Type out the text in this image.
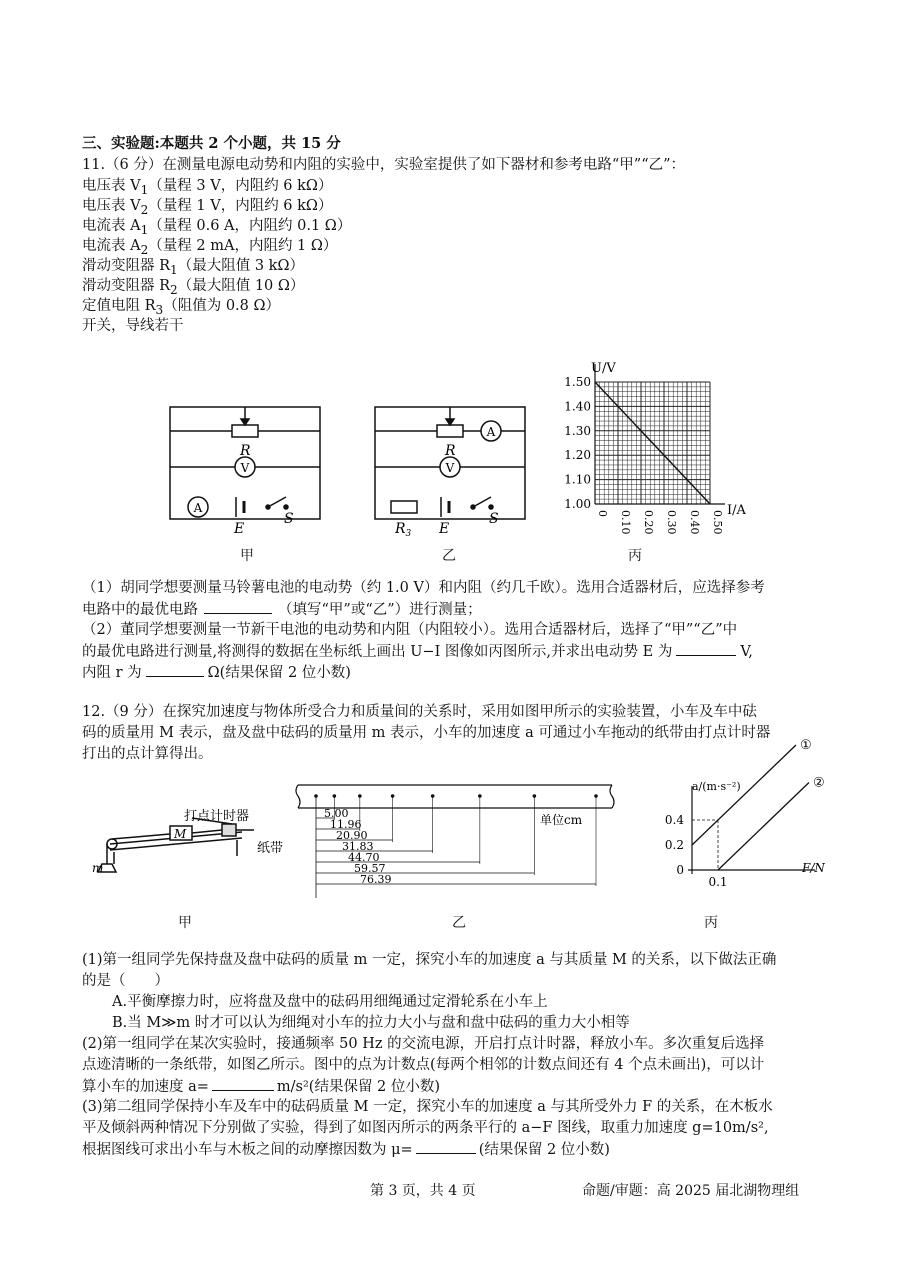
三、实验题:本题共 2 个小题，共 15 分
11.（6 分）在测量电源电动势和内阻的实验中，实验室提供了如下器材和参考电路“甲”“乙”：
电压表 $V_1$（量程 3 V，内阻约 6 kΩ）
电压表 $V_2$（量程 1 V，内阻约 6 kΩ）
电流表 $A_1$（量程 0.6 A，内阻约 0.1 Ω）
电流表 $A_2$（量程 2 mA，内阻约 1 Ω）
滑动变阻器 $R_1$（最大阻值 3 kΩ）
滑动变阻器 $R_2$（最大阻值 10 Ω）
定值电阻 $R_3$（阻值为 0.8 Ω）
开关，导线若干
R
V
A
E
S
甲
R
A
V
$R_3$ E
S
乙
1.00
1.10
1.20
1.30
1.40
1.50
0 0.10 0.20 0.30 0.40 0.50
U/V
I/A
丙
（1）胡同学想要测量马铃薯电池的电动势（约 1.0 V）和内阻（约几千欧）。选用合适器材后，应选择参考
电路中的最优电路	（填写“甲”或“乙”）进行测量；
（2）董同学想要测量一节新干电池的电动势和内阻（内阻较小）。选用合适器材后，选择了“甲”“乙”中
的最优电路进行测量,将测得的数据在坐标纸上画出 U−I 图像如丙图所示,并求出电动势 E 为	V,
内阻 r 为	Ω(结果保留 2 位小数)
12.（9 分）在探究加速度与物体所受合力和质量间的关系时，采用如图甲所示的实验装置，小车及车中砝
码的质量用 M 表示，盘及盘中砝码的质量用 m 表示，小车的加速度 a 可通过小车拖动的纸带由打点计时器
打出的点计算得出。
打点计时器
M
纸带
m
甲
5.00
11.96
20.90
31.83
44.70
59.57
76.39
单位cm
乙
0
0.2
0.4
0.1
①
②
a/(m·s⁻²)
F/N
丙
(1)第一组同学先保持盘及盘中砝码的质量 m 一定，探究小车的加速度 a 与其质量 M 的关系，以下做法正确
的是（　　）
A.平衡摩擦力时，应将盘及盘中的砝码用细绳通过定滑轮系在小车上
B.当 M≫m 时才可以认为细绳对小车的拉力大小与盘和盘中砝码的重力大小相等
(2)第一组同学在某次实验时，接通频率 50 Hz 的交流电源，开启打点计时器，释放小车。多次重复后选择
点迹清晰的一条纸带，如图乙所示。图中的点为计数点(每两个相邻的计数点间还有 4 个点未画出)，可以计
算小车的加速度 a=	m/s²(结果保留 2 位小数)
(3)第二组同学保持小车及车中的砝码质量 M 一定，探究小车的加速度 a 与其所受外力 F 的关系，在木板水
平及倾斜两种情况下分别做了实验，得到了如图丙所示的两条平行的 a−F 图线，取重力加速度 g=10m/s²,
根据图线可求出小车与木板之间的动摩擦因数为 μ=	(结果保留 2 位小数)
第 3 页，共 4 页	命题/审题：高 2025 届北湖物理组
